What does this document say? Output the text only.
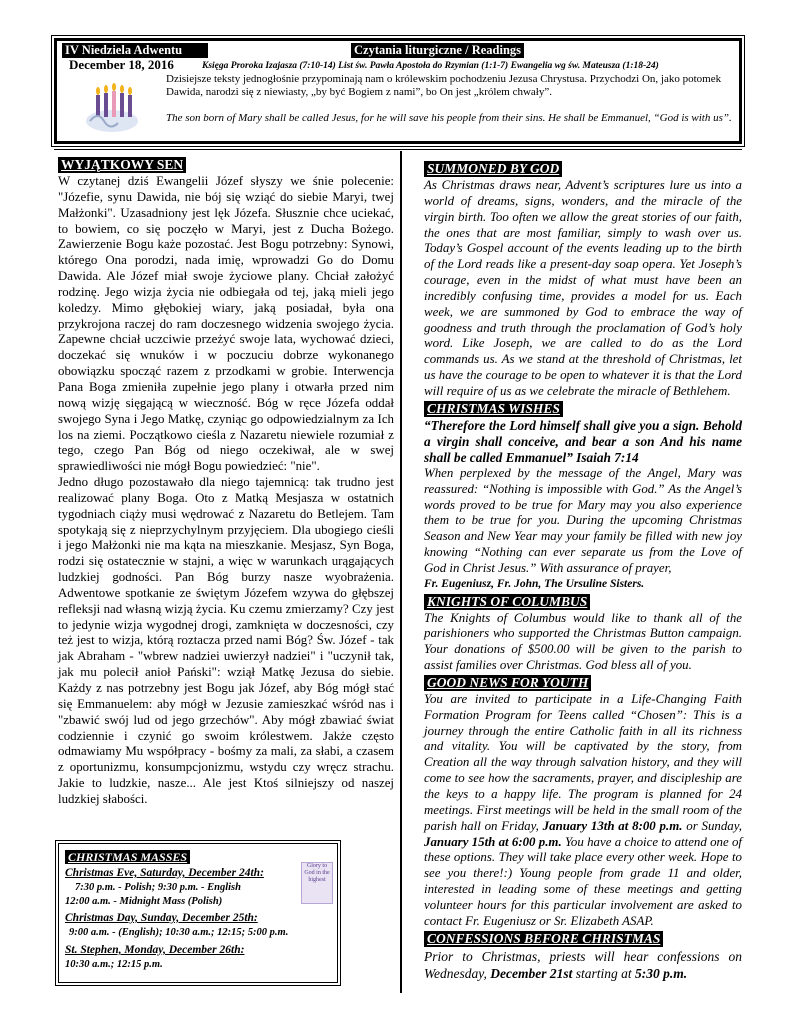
IV Niedziela Adwentu	Czytania liturgiczne / Readings
December 18, 2016	Księga Proroka Izajasza (7:10-14) List św. Pawła Apostoła do Rzymian (1:1-7) Ewangelia wg św. Mateusza (1:18-24)
Dzisiejsze teksty jednogłośnie przypominają nam o królewskim pochodzeniu Jezusa Chrystusa. Przychodzi On, jako potomek Dawida, narodzi się z niewiasty, „by być Bogiem z nami”, bo On jest „królem chwały”.
The son born of Mary shall be called Jesus, for he will save his people from their sins. He shall be Emmanuel, “God is with us”.
WYJĄTKOWY SEN

W czytanej dziś Ewangelii Józef słyszy we śnie polecenie: "Józefie, synu Dawida, nie bój się wziąć do siebie Maryi, twej Małżonki". Uzasadniony jest lęk Józefa. Słusznie chce uciekać, to bowiem, co się poczęło w Maryi, jest z Ducha Bożego. Zawierzenie Bogu każe pozostać. Jest Bogu potrzebny: Synowi, którego Ona porodzi, nada imię, wprowadzi Go do Domu Dawida. Ale Józef miał swoje życiowe plany. Chciał założyć rodzinę. Jego wizja życia nie odbiegała od tej, jaką mieli jego koledzy. Mimo głębokiej wiary, jaką posiadał, była ona przykrojona raczej do ram doczesnego widzenia swojego życia. Zapewne chciał uczciwie przeżyć swoje lata, wychować dzieci, doczekać się wnuków i w poczuciu dobrze wykonanego obowiązku spocząć razem z przodkami w grobie. Interwencja Pana Boga zmieniła zupełnie jego plany i otwarła przed nim nową wizję sięgającą w wieczność. Bóg w ręce Józefa oddał swojego Syna i Jego Matkę, czyniąc go odpowiedzialnym za Ich los na ziemi. Początkowo cieśla z Nazaretu niewiele rozumiał z tego, czego Pan Bóg od niego oczekiwał, ale w swej sprawiedliwości nie mógł Bogu powiedzieć: "nie".

Jedno długo pozostawało dla niego tajemnicą: tak trudno jest realizować plany Boga. Oto z Matką Mesjasza w ostatnich tygodniach ciąży musi wędrować z Nazaretu do Betlejem. Tam spotykają się z nieprzychylnym przyjęciem. Dla ubogiego cieśli i jego Małżonki nie ma kąta na mieszkanie. Mesjasz, Syn Boga, rodzi się ostatecznie w stajni, a więc w warunkach urągających ludzkiej godności. Pan Bóg burzy nasze wyobrażenia. Adwentowe spotkanie ze świętym Józefem wzywa do głębszej refleksji nad własną wizją życia. Ku czemu zmierzamy? Czy jest to jedynie wizja wygodnej drogi, zamknięta w doczesności, czy też jest to wizja, którą roztacza przed nami Bóg? Św. Józef - tak jak Abraham - "wbrew nadziei uwierzył nadziei" i "uczynił tak, jak mu polecił anioł Pański": wziął Matkę Jezusa do siebie. Każdy z nas potrzebny jest Bogu jak Józef, aby Bóg mógł stać się Emmanuelem: aby mógł w Jezusie zamieszkać wśród nas i "zbawić swój lud od jego grzechów". Aby mógł zbawiać świat codziennie i czynić go swoim królestwem. Jakże często odmawiamy Mu współpracy - bośmy za mali, za słabi, a czasem z oportunizmu, konsumpcjonizmu, wstydu czy wręcz strachu. Jakie to ludzkie, nasze... Ale jest Ktoś silniejszy od naszej ludzkiej słabości.

CHRISTMAS MASSES
Christmas Eve, Saturday, December 24th:
7:30 p.m. - Polish; 9:30 p.m. - English
12:00 a.m. - Midnight Mass (Polish)
Christmas Day, Sunday, December 25th:
9:00 a.m. - (English); 10:30 a.m.; 12:15; 5:00 p.m.
St. Stephen, Monday, December 26th:
10:30 a.m.; 12:15 p.m.
Glory to God in the highest
SUMMONED BY GOD
As Christmas draws near, Advent’s scriptures lure us into a world of dreams, signs, wonders, and the miracle of the virgin birth. Too often we allow the great stories of our faith, the ones that are most familiar, simply to wash over us. Today’s Gospel account of the events leading up to the birth of the Lord reads like a present-day soap opera. Yet Joseph’s courage, even in the midst of what must have been an incredibly confusing time, provides a model for us. Each week, we are summoned by God to embrace the way of goodness and truth through the proclamation of God’s holy word. Like Joseph, we are called to do as the Lord commands us. As we stand at the threshold of Christmas, let us have the courage to be open to whatever it is that the Lord will require of us as we celebrate the miracle of Bethlehem.
CHRISTMAS WISHES
“Therefore the Lord himself shall give you a sign. Behold a virgin shall conceive, and bear a son And his name shall be called Emmanuel” Isaiah 7:14
When perplexed by the message of the Angel, Mary was reassured: “Nothing is impossible with God.” As the Angel’s words proved to be true for Mary may you also experience them to be true for you. During the upcoming Christmas Season and New Year may your family be filled with new joy knowing “Nothing can ever separate us from the Love of God in Christ Jesus.” With assurance of prayer,
Fr. Eugeniusz, Fr. John, The Ursuline Sisters.
KNIGHTS OF COLUMBUS
The Knights of Columbus would like to thank all of the parishioners who supported the Christmas Button campaign. Your donations of $500.00 will be given to the parish to assist families over Christmas. God bless all of you.
GOOD NEWS FOR YOUTH
You are invited to participate in a Life-Changing Faith Formation Program for Teens called “Chosen”: This is a journey through the entire Catholic faith in all its richness and vitality. You will be captivated by the story, from Creation all the way through salvation history, and they will come to see how the sacraments, prayer, and discipleship are the keys to a happy life. The program is planned for 24 meetings. First meetings will be held in the small room of the parish hall on Friday, January 13th at 8:00 p.m. or Sunday, January 15th at 6:00 p.m. You have a choice to attend one of these options. They will take place every other week. Hope to see you there!:) Young people from grade 11 and older, interested in leading some of these meetings and getting volunteer hours for this particular involvement are asked to contact Fr. Eugeniusz or Sr. Elizabeth ASAP.
CONFESSIONS BEFORE CHRISTMAS
Prior to Christmas, priests will hear confessions on Wednesday, December 21st starting at 5:30 p.m.
